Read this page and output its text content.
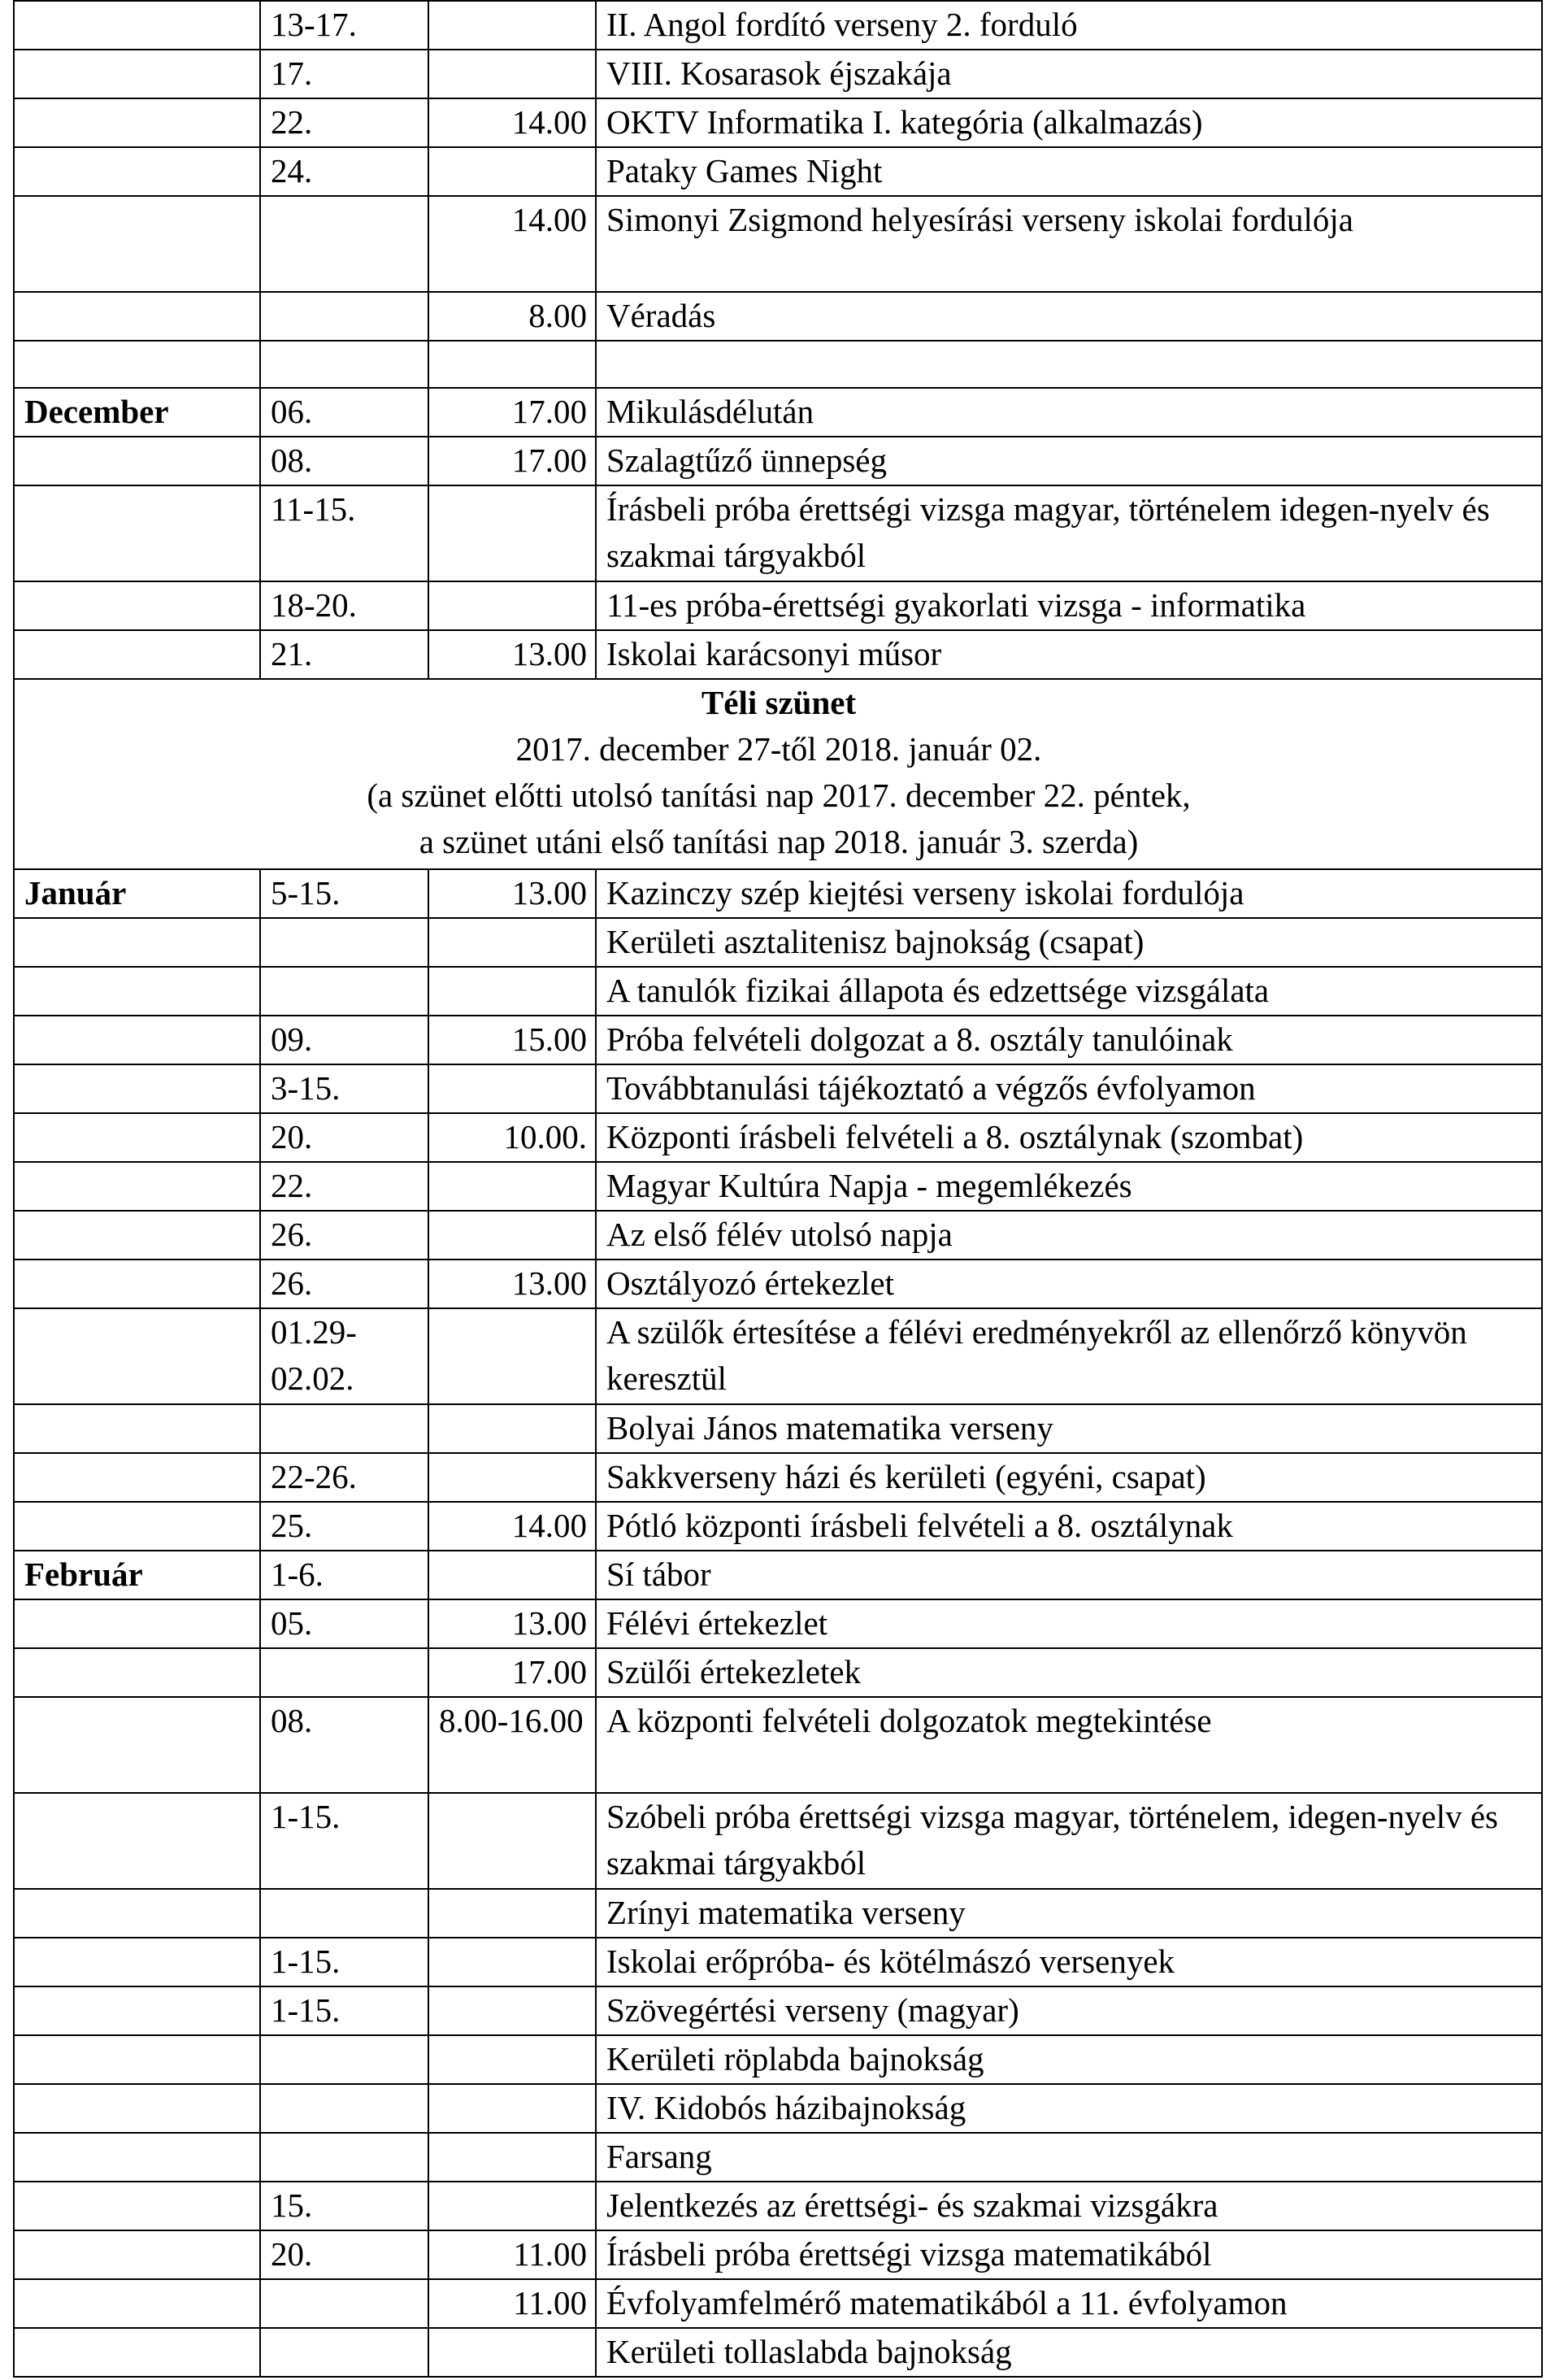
	13-17.		II. Angol fordító verseny 2. forduló
	17.		VIII. Kosarasok éjszakája
	22.	14.00	OKTV Informatika I. kategória (alkalmazás)
	24.		Pataky Games Night
		14.00	Simonyi Zsigmond helyesírási verseny iskolai fordulója
		8.00	Véradás

December	06.	17.00	Mikulásdélután
	08.	17.00	Szalagtűző ünnepség
	11-15.		Írásbeli próba érettségi vizsga magyar, történelem idegen-nyelv és szakmai tárgyakból
	18-20.		11-es próba-érettségi gyakorlati vizsga - informatika
	21.	13.00	Iskolai karácsonyi műsor

Téli szünet
2017. december 27-től 2018. január 02.
(a szünet előtti utolsó tanítási nap 2017. december 22. péntek,
a szünet utáni első tanítási nap 2018. január 3. szerda)			

Január	5-15.	13.00	Kazinczy szép kiejtési verseny iskolai fordulója
			Kerületi asztalitenisz bajnokság (csapat)
			A tanulók fizikai állapota és edzettsége vizsgálata
	09.	15.00	Próba felvételi dolgozat a 8. osztály tanulóinak
	3-15.		Továbbtanulási tájékoztató a végzős évfolyamon
	20.	10.00.	Központi írásbeli felvételi a 8. osztálynak (szombat)
	22.		Magyar Kultúra Napja - megemlékezés
	26.		Az első félév utolsó napja
	26.	13.00	Osztályozó értekezlet
	01.29-02.02.		A szülők értesítése a félévi eredményekről az ellenőrző könyvön keresztül
			Bolyai János matematika verseny
	22-26.		Sakkverseny házi és kerületi (egyéni, csapat)
	25.	14.00	Pótló központi írásbeli felvételi a 8. osztálynak
Február	1-6.		Sí tábor
	05.	13.00	Félévi értekezlet
		17.00	Szülői értekezletek
	08.	8.00-16.00	A központi felvételi dolgozatok megtekintése
	1-15.		Szóbeli próba érettségi vizsga magyar, történelem, idegen-nyelv és szakmai tárgyakból
			Zrínyi matematika verseny
	1-15.		Iskolai erőpróba- és kötélmászó versenyek
	1-15.		Szövegértési verseny (magyar)
			Kerületi röplabda bajnokság
			IV. Kidobós házibajnokság
			Farsang
	15.		Jelentkezés az érettségi- és szakmai vizsgákra
	20.	11.00	Írásbeli próba érettségi vizsga matematikából
		11.00	Évfolyamfelmérő matematikából a 11. évfolyamon
			Kerületi tollaslabda bajnokság
